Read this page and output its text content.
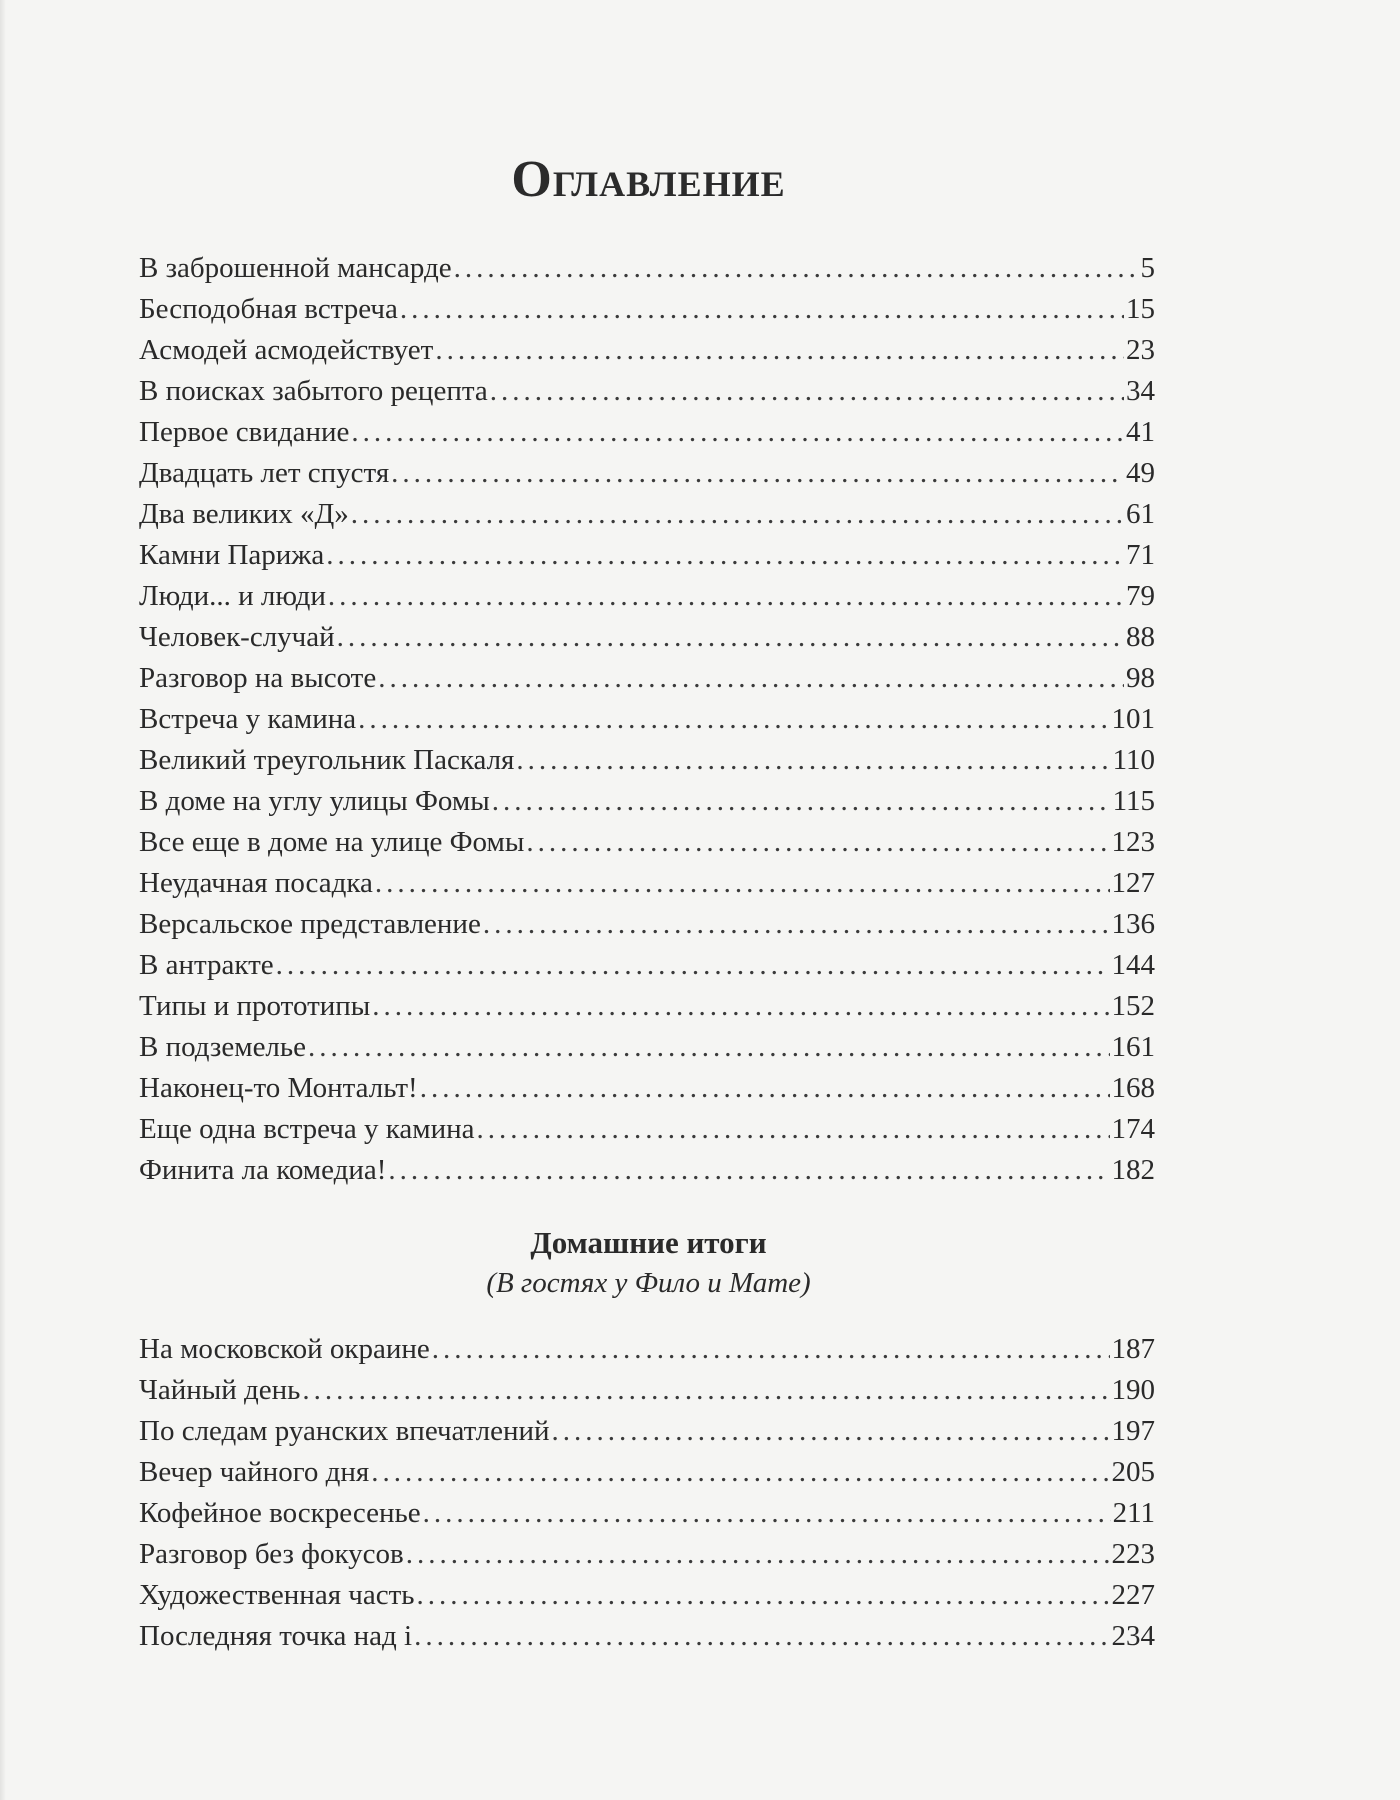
Оглавление
В заброшенной мансарде .....	5
Бесподобная встреча .....	15
Асмодей асмодействует .....	23
В поисках забытого рецепта .....	34
Первое свидание .....	41
Двадцать лет спустя .....	49
Два великих «Д» .....	61
Камни Парижа .....	71
Люди... и люди .....	79
Человек-случай .....	88
Разговор на высоте .....	98
Встреча у камина .....	101
Великий треугольник Паскаля .....	110
В доме на углу улицы Фомы .....	115
Все еще в доме на улице Фомы .....	123
Неудачная посадка .....	127
Версальское представление .....	136
В антракте .....	144
Типы и прототипы .....	152
В подземелье .....	161
Наконец-то Монтальт! .....	168
Еще одна встреча у камина .....	174
Финита ла комедиа! .....	182
Домашние итоги
(В гостях у Фило и Мате)
На московской окраине .....	187
Чайный день .....	190
По следам руанских впечатлений .....	197
Вечер чайного дня .....	205
Кофейное воскресенье .....	211
Разговор без фокусов .....	223
Художественная часть .....	227
Последняя точка над і .....	234
